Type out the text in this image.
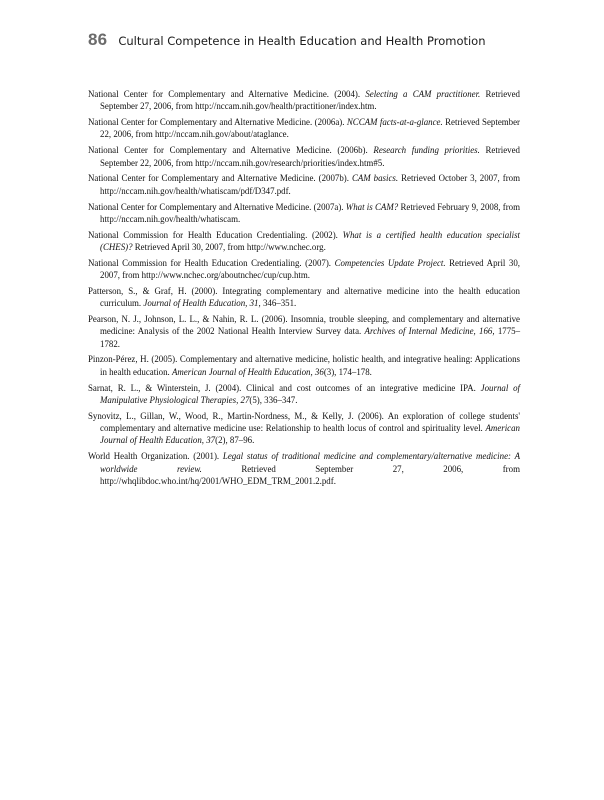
86 Cultural Competence in Health Education and Health Promotion

National Center for Complementary and Alternative Medicine. (2004). Selecting a CAM practitioner. Retrieved September 27, 2006, from http://nccam.nih.gov/health/practitioner/index.htm.

National Center for Complementary and Alternative Medicine. (2006a). NCCAM facts-at-a-glance. Retrieved September 22, 2006, from http://nccam.nih.gov/about/ataglance.

National Center for Complementary and Alternative Medicine. (2006b). Research funding priorities. Retrieved September 22, 2006, from http://nccam.nih.gov/research/priorities/index.htm#5.

National Center for Complementary and Alternative Medicine. (2007b). CAM basics. Retrieved October 3, 2007, from http://nccam.nih.gov/health/whatiscam/pdf/D347.pdf.

National Center for Complementary and Alternative Medicine. (2007a). What is CAM? Retrieved February 9, 2008, from http://nccam.nih.gov/health/whatiscam.

National Commission for Health Education Credentialing. (2002). What is a certified health education specialist (CHES)? Retrieved April 30, 2007, from http://www.nchec.org.

National Commission for Health Education Credentialing. (2007). Competencies Update Project. Retrieved April 30, 2007, from http://www.nchec.org/aboutnchec/cup/cup.htm.

Patterson, S., & Graf, H. (2000). Integrating complementary and alternative medicine into the health education curriculum. Journal of Health Education, 31, 346–351.

Pearson, N. J., Johnson, L. L., & Nahin, R. L. (2006). Insomnia, trouble sleeping, and complementary and alternative medicine: Analysis of the 2002 National Health Interview Survey data. Archives of Internal Medicine, 166, 1775–1782.

Pinzon-Pérez, H. (2005). Complementary and alternative medicine, holistic health, and integrative healing: Applications in health education. American Journal of Health Education, 36(3), 174–178.

Sarnat, R. L., & Winterstein, J. (2004). Clinical and cost outcomes of an integrative medicine IPA. Journal of Manipulative Physiological Therapies, 27(5), 336–347.

Synovitz, L., Gillan, W., Wood, R., Martin-Nordness, M., & Kelly, J. (2006). An exploration of college students' complementary and alternative medicine use: Relationship to health locus of control and spirituality level. American Journal of Health Education, 37(2), 87–96.

World Health Organization. (2001). Legal status of traditional medicine and complementary/alternative medicine: A worldwide review. Retrieved September 27, 2006, from http://whqlibdoc.who.int/hq/2001/WHO_EDM_TRM_2001.2.pdf.
